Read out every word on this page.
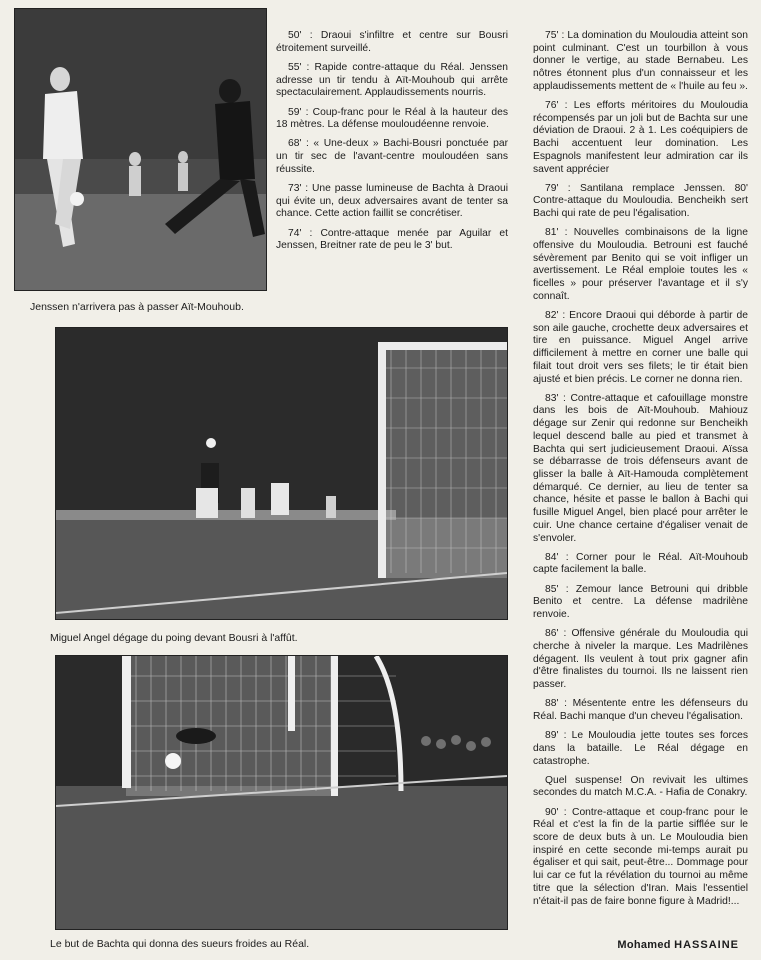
Jenssen n'arrivera pas à passer Aït-Mouhoub.
Miguel Angel dégage du poing devant Bousri à l'affût.
Le but de Bachta qui donna des sueurs froides au Réal.

50' : Draoui s'infiltre et centre sur Bousri étroitement surveillé.

55' : Rapide contre-attaque du Réal. Jenssen adresse un tir tendu à Aït-Mouhoub qui arrête spectaculairement. Applaudissements nourris.

59' : Coup-franc pour le Réal à la hauteur des 18 mètres. La défense mouloudéenne renvoie.

68' : « Une-deux » Bachi-Bousri ponctuée par un tir sec de l'avant-centre mouloudéen sans réussite.

73' : Une passe lumineuse de Bachta à Draoui qui évite un, deux adversaires avant de tenter sa chance. Cette action faillit se concrétiser.

74' : Contre-attaque menée par Aguilar et Jenssen, Breitner rate de peu le 3' but.

75' : La domination du Mouloudia atteint son point culminant. C'est un tourbillon à vous donner le vertige, au stade Bernabeu. Les nôtres étonnent plus d'un connaisseur et les applaudissements mettent de « l'huile au feu ».

76' : Les efforts méritoires du Mouloudia récompensés par un joli but de Bachta sur une déviation de Draoui. 2 à 1. Les coéquipiers de Bachi accentuent leur domination. Les Espagnols manifestent leur admiration car ils savent apprécier

79' : Santilana remplace Jenssen. 80' Contre-attaque du Mouloudia. Bencheikh sert Bachi qui rate de peu l'égalisation.

81' : Nouvelles combinaisons de la ligne offensive du Mouloudia. Betrouni est fauché sévèrement par Benito qui se voit infliger un avertissement. Le Réal emploie toutes les « ficelles » pour préserver l'avantage et il s'y connaît.

82' : Encore Draoui qui déborde à partir de son aile gauche, crochette deux adversaires et tire en puissance. Miguel Angel arrive difficilement à mettre en corner une balle qui filait tout droit vers ses filets; le tir était bien ajusté et bien précis. Le corner ne donna rien.

83' : Contre-attaque et cafouillage monstre dans les bois de Aït-Mouhoub. Mahiouz dégage sur Zenir qui redonne sur Bencheikh lequel descend balle au pied et transmet à Bachta qui sert judicieusement Draoui. Aïssa se débarrasse de trois défenseurs avant de glisser la balle à Aït-Hamouda complètement démarqué. Ce dernier, au lieu de tenter sa chance, hésite et passe le ballon à Bachi qui fusille Miguel Angel, bien placé pour arrêter le cuir. Une chance certaine d'égaliser venait de s'envoler.

84' : Corner pour le Réal. Aït-Mouhoub capte facilement la balle.

85' : Zemour lance Betrouni qui dribble Benito et centre. La défense madrilène renvoie.

86' : Offensive générale du Mouloudia qui cherche à niveler la marque. Les Madrilènes dégagent. Ils veulent à tout prix gagner afin d'être finalistes du tournoi. Ils ne laissent rien passer.

88' : Mésentente entre les défenseurs du Réal. Bachi manque d'un cheveu l'égalisation.

89' : Le Mouloudia jette toutes ses forces dans la bataille. Le Réal dégage en catastrophe.

Quel suspense! On revivait les ultimes secondes du match M.C.A. - Hafia de Conakry.

90' : Contre-attaque et coup-franc pour le Réal et c'est la fin de la partie sifflée sur le score de deux buts à un. Le Mouloudia bien inspiré en cette seconde mi-temps aurait pu égaliser et qui sait, peut-être... Dommage pour lui car ce fut la révélation du tournoi au même titre que la sélection d'Iran. Mais l'essentiel n'était-il pas de faire bonne figure à Madrid!...

Mohamed HASSAINE
